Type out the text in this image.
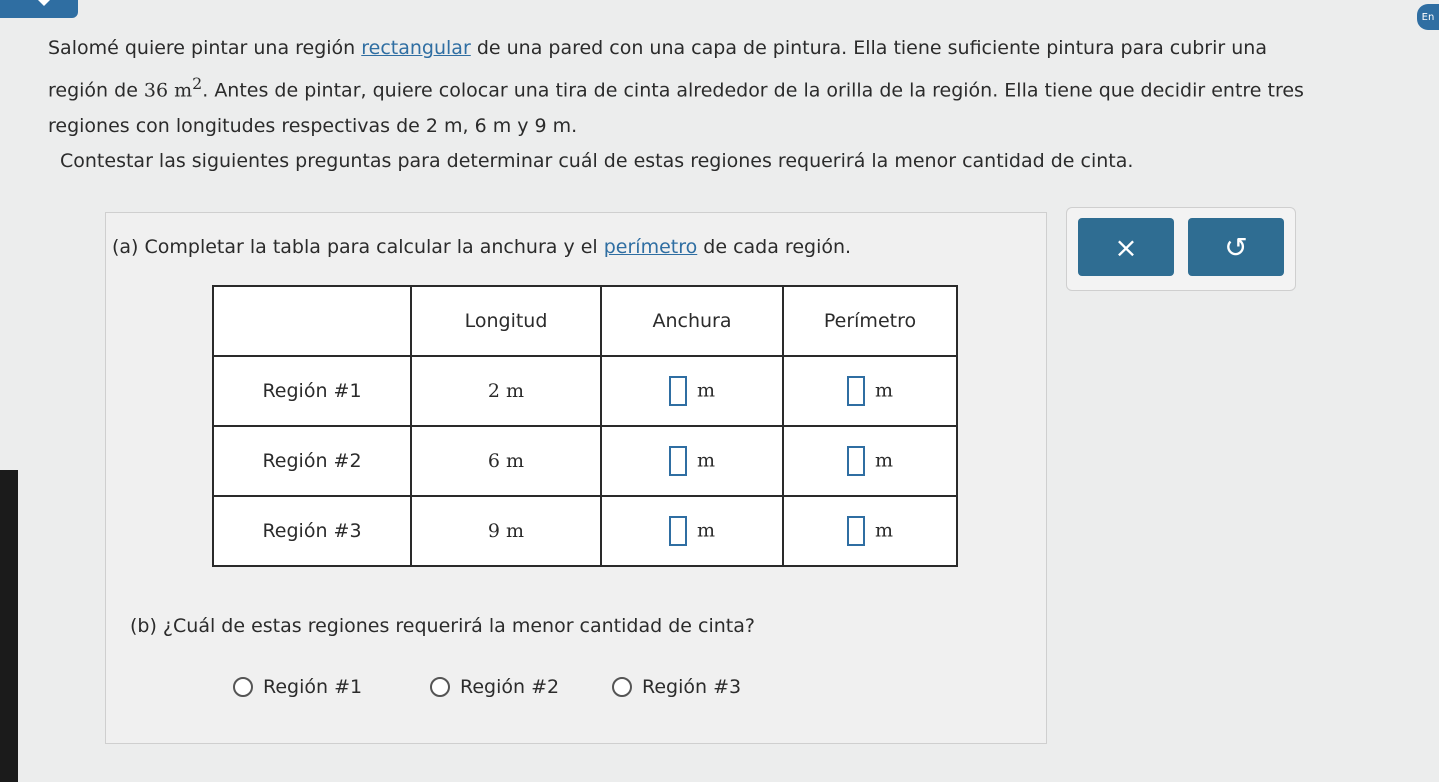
En

Salomé quiere pintar una región rectangular de una pared con una capa de pintura. Ella tiene suficiente pintura para cubrir una

región de 36 $m^2$. Antes de pintar, quiere colocar una tira de cinta alrededor de la orilla de la región. Ella tiene que decidir entre tres

regiones con longitudes respectivas de 2 m, 6 m y 9 m.

Contestar las siguientes preguntas para determinar cuál de estas regiones requerirá la menor cantidad de cinta.
(a) Completar la tabla para calcular la anchura y el perímetro de cada región.	×	↺
	Longitud	Anchura	Perímetro
Región #1	2 m	m	m
Región #2	6 m	m	m
Región #3	9 m	m	m
(b) ¿Cuál de estas regiones requerirá la menor cantidad de cinta?
Región #1	Región #2	Región #3
